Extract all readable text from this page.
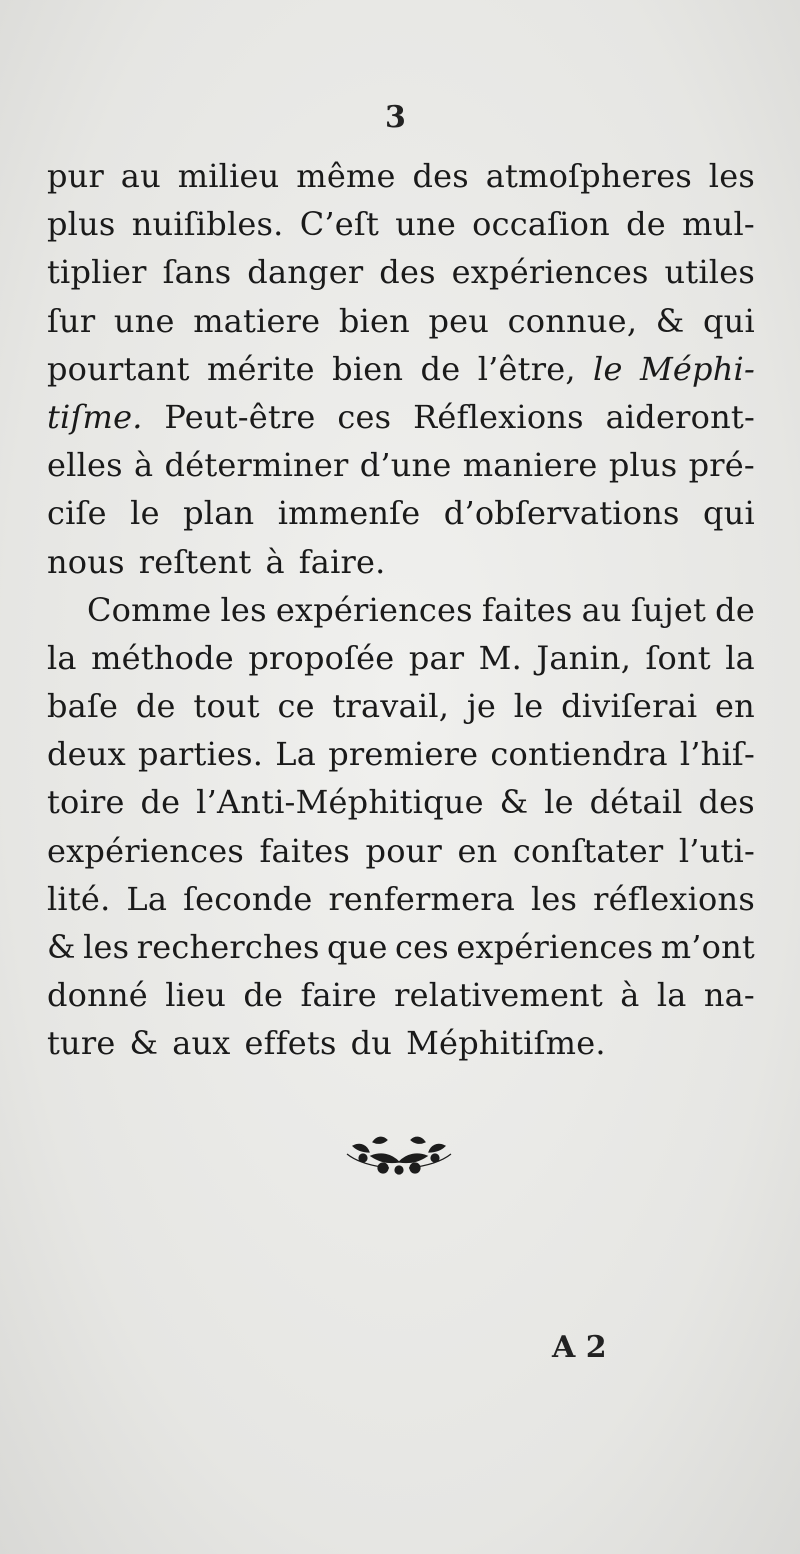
3
pur au milieu même des atmoſpheres les
plus nuiſibles. C’eſt une occaſion de mul-
tiplier ſans danger des expériences utiles
ſur une matiere bien peu connue, & qui
pourtant mérite bien de l’être, le Méphi-
tiſme. Peut-être ces Réflexions aideront-
elles à déterminer d’une maniere plus pré-
ciſe le plan immenſe d’obſervations qui
nous reſtent à faire.
Comme les expériences faites au ſujet de
la méthode propoſée par M. Janin, ſont la
baſe de tout ce travail, je le diviſerai en
deux parties. La premiere contiendra l’hiſ-
toire de l’Anti-Méphitique & le détail des
expériences faites pour en conſtater l’uti-
lité. La ſeconde renfermera les réflexions
& les recherches que ces expériences m’ont
donné lieu de faire relativement à la na-
ture & aux effets du Méphitiſme.
A 2
